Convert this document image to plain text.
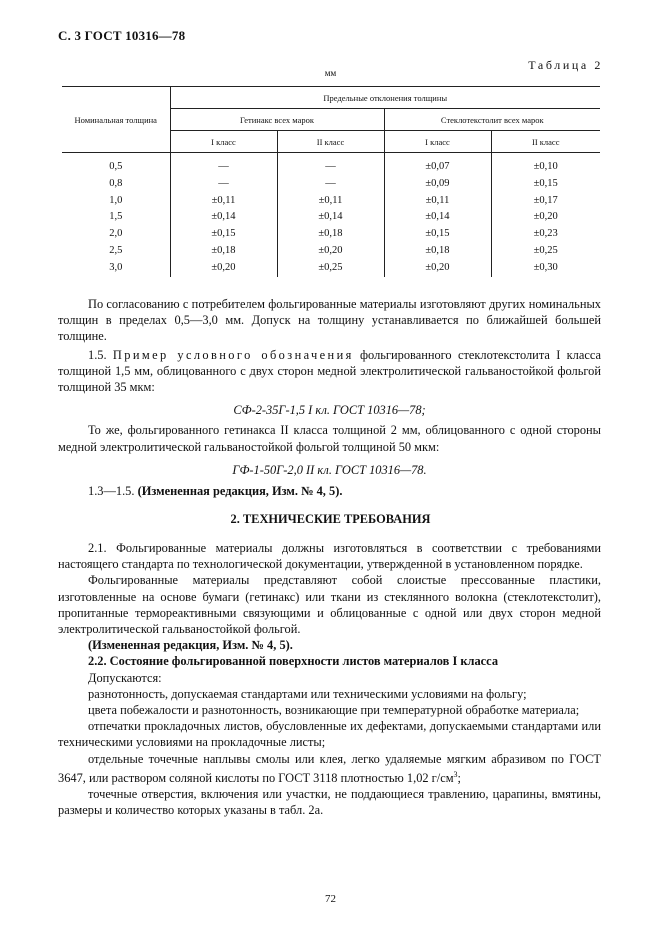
С. 3 ГОСТ 10316—78
Таблица 2
мм
Номинальная толщина	Предельные отклонения толщины			
	Гетинакс всех марок		Стеклотекстолит всех марок	
	I класс	II класс	I класс	II класс
0,5	—	—	±0,07	±0,10
0,8	—	—	±0,09	±0,15
1,0	±0,11	±0,11	±0,11	±0,17
1,5	±0,14	±0,14	±0,14	±0,20
2,0	±0,15	±0,18	±0,15	±0,23
2,5	±0,18	±0,20	±0,18	±0,25
3,0	±0,20	±0,25	±0,20	±0,30

По согласованию с потребителем фольгированные материалы изготовляют других номинальных толщин в пределах 0,5—3,0 мм. Допуск на толщину устанавливается по ближайшей большей толщине.

1.5. Пример условного обозначения фольгированного стеклотекстолита I класса толщиной 1,5 мм, облицованного с двух сторон медной электролитической гальваностойкой фольгой толщиной 35 мкм:

СФ-2-35Г-1,5 I кл. ГОСТ 10316—78;

То же, фольгированного гетинакса II класса толщиной 2 мм, облицованного с одной стороны медной электролитической гальваностойкой фольгой толщиной 50 мкм:

ГФ-1-50Г-2,0 II кл. ГОСТ 10316—78.

1.3—1.5. (Измененная редакция, Изм. № 4, 5).

2. ТЕХНИЧЕСКИЕ ТРЕБОВАНИЯ

2.1. Фольгированные материалы должны изготовляться в соответствии с требованиями настоящего стандарта по технологической документации, утвержденной в установленном порядке.

Фольгированные материалы представляют собой слоистые прессованные пластики, изготовленные на основе бумаги (гетинакс) или ткани из стеклянного волокна (стеклотекстолит), пропитанные термореактивными связующими и облицованные с одной или двух сторон медной электролитической гальваностойкой фольгой.

(Измененная редакция, Изм. № 4, 5).

2.2. Состояние фольгированной поверхности листов материалов I класса

Допускаются:

разнотонность, допускаемая стандартами или техническими условиями на фольгу;

цвета побежалости и разнотонность, возникающие при температурной обработке материала;

отпечатки прокладочных листов, обусловленные их дефектами, допускаемыми стандартами или техническими условиями на прокладочные листы;

отдельные точечные наплывы смолы или клея, легко удаляемые мягким абразивом по ГОСТ 3647, или раствором соляной кислоты по ГОСТ 3118 плотностью 1,02 $г/см^3$;

точечные отверстия, включения или участки, не поддающиеся травлению, царапины, вмятины, размеры и количество которых указаны в табл. 2а.

72
